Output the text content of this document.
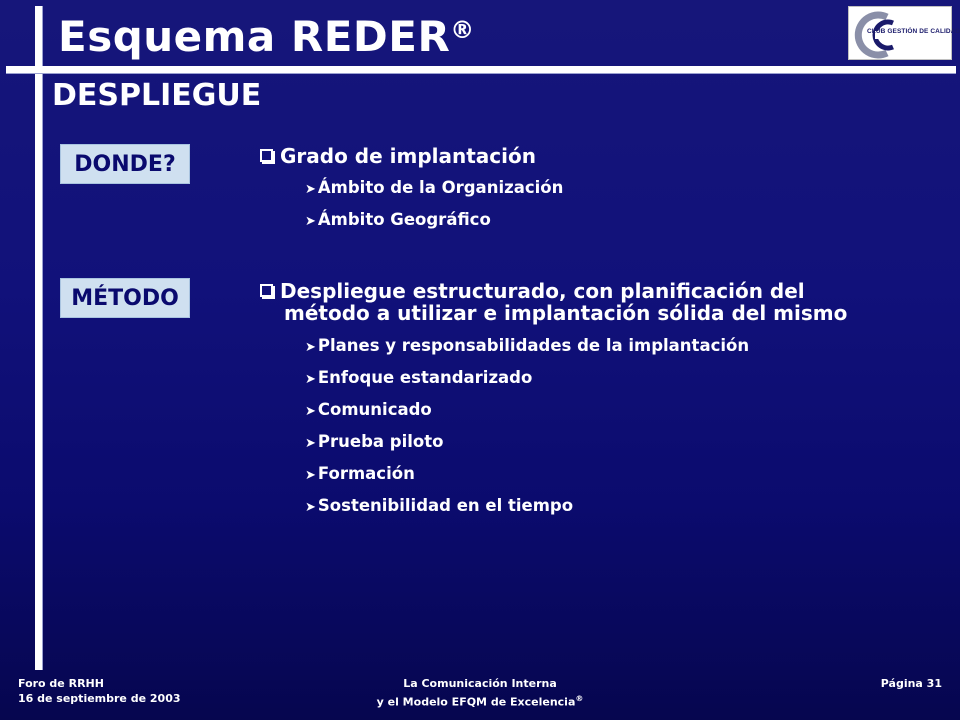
Esquema REDER®	CLUB GESTIÓN DE CALIDAD
DESPLIEGUE
DONDE?	Grado de implantación
➤ Ámbito de la Organización
➤ Ámbito Geográfico
MÉTODO	Despliegue estructurado, con planificación del
método a utilizar e implantación sólida del mismo
➤ Planes y responsabilidades de la implantación
➤ Enfoque estandarizado
➤ Comunicado
➤ Prueba piloto
➤ Formación
➤ Sostenibilidad en el tiempo
Foro de RRHH
16 de septiembre de 2003
La Comunicación Interna
y el Modelo EFQM de Excelencia®
Página 31
